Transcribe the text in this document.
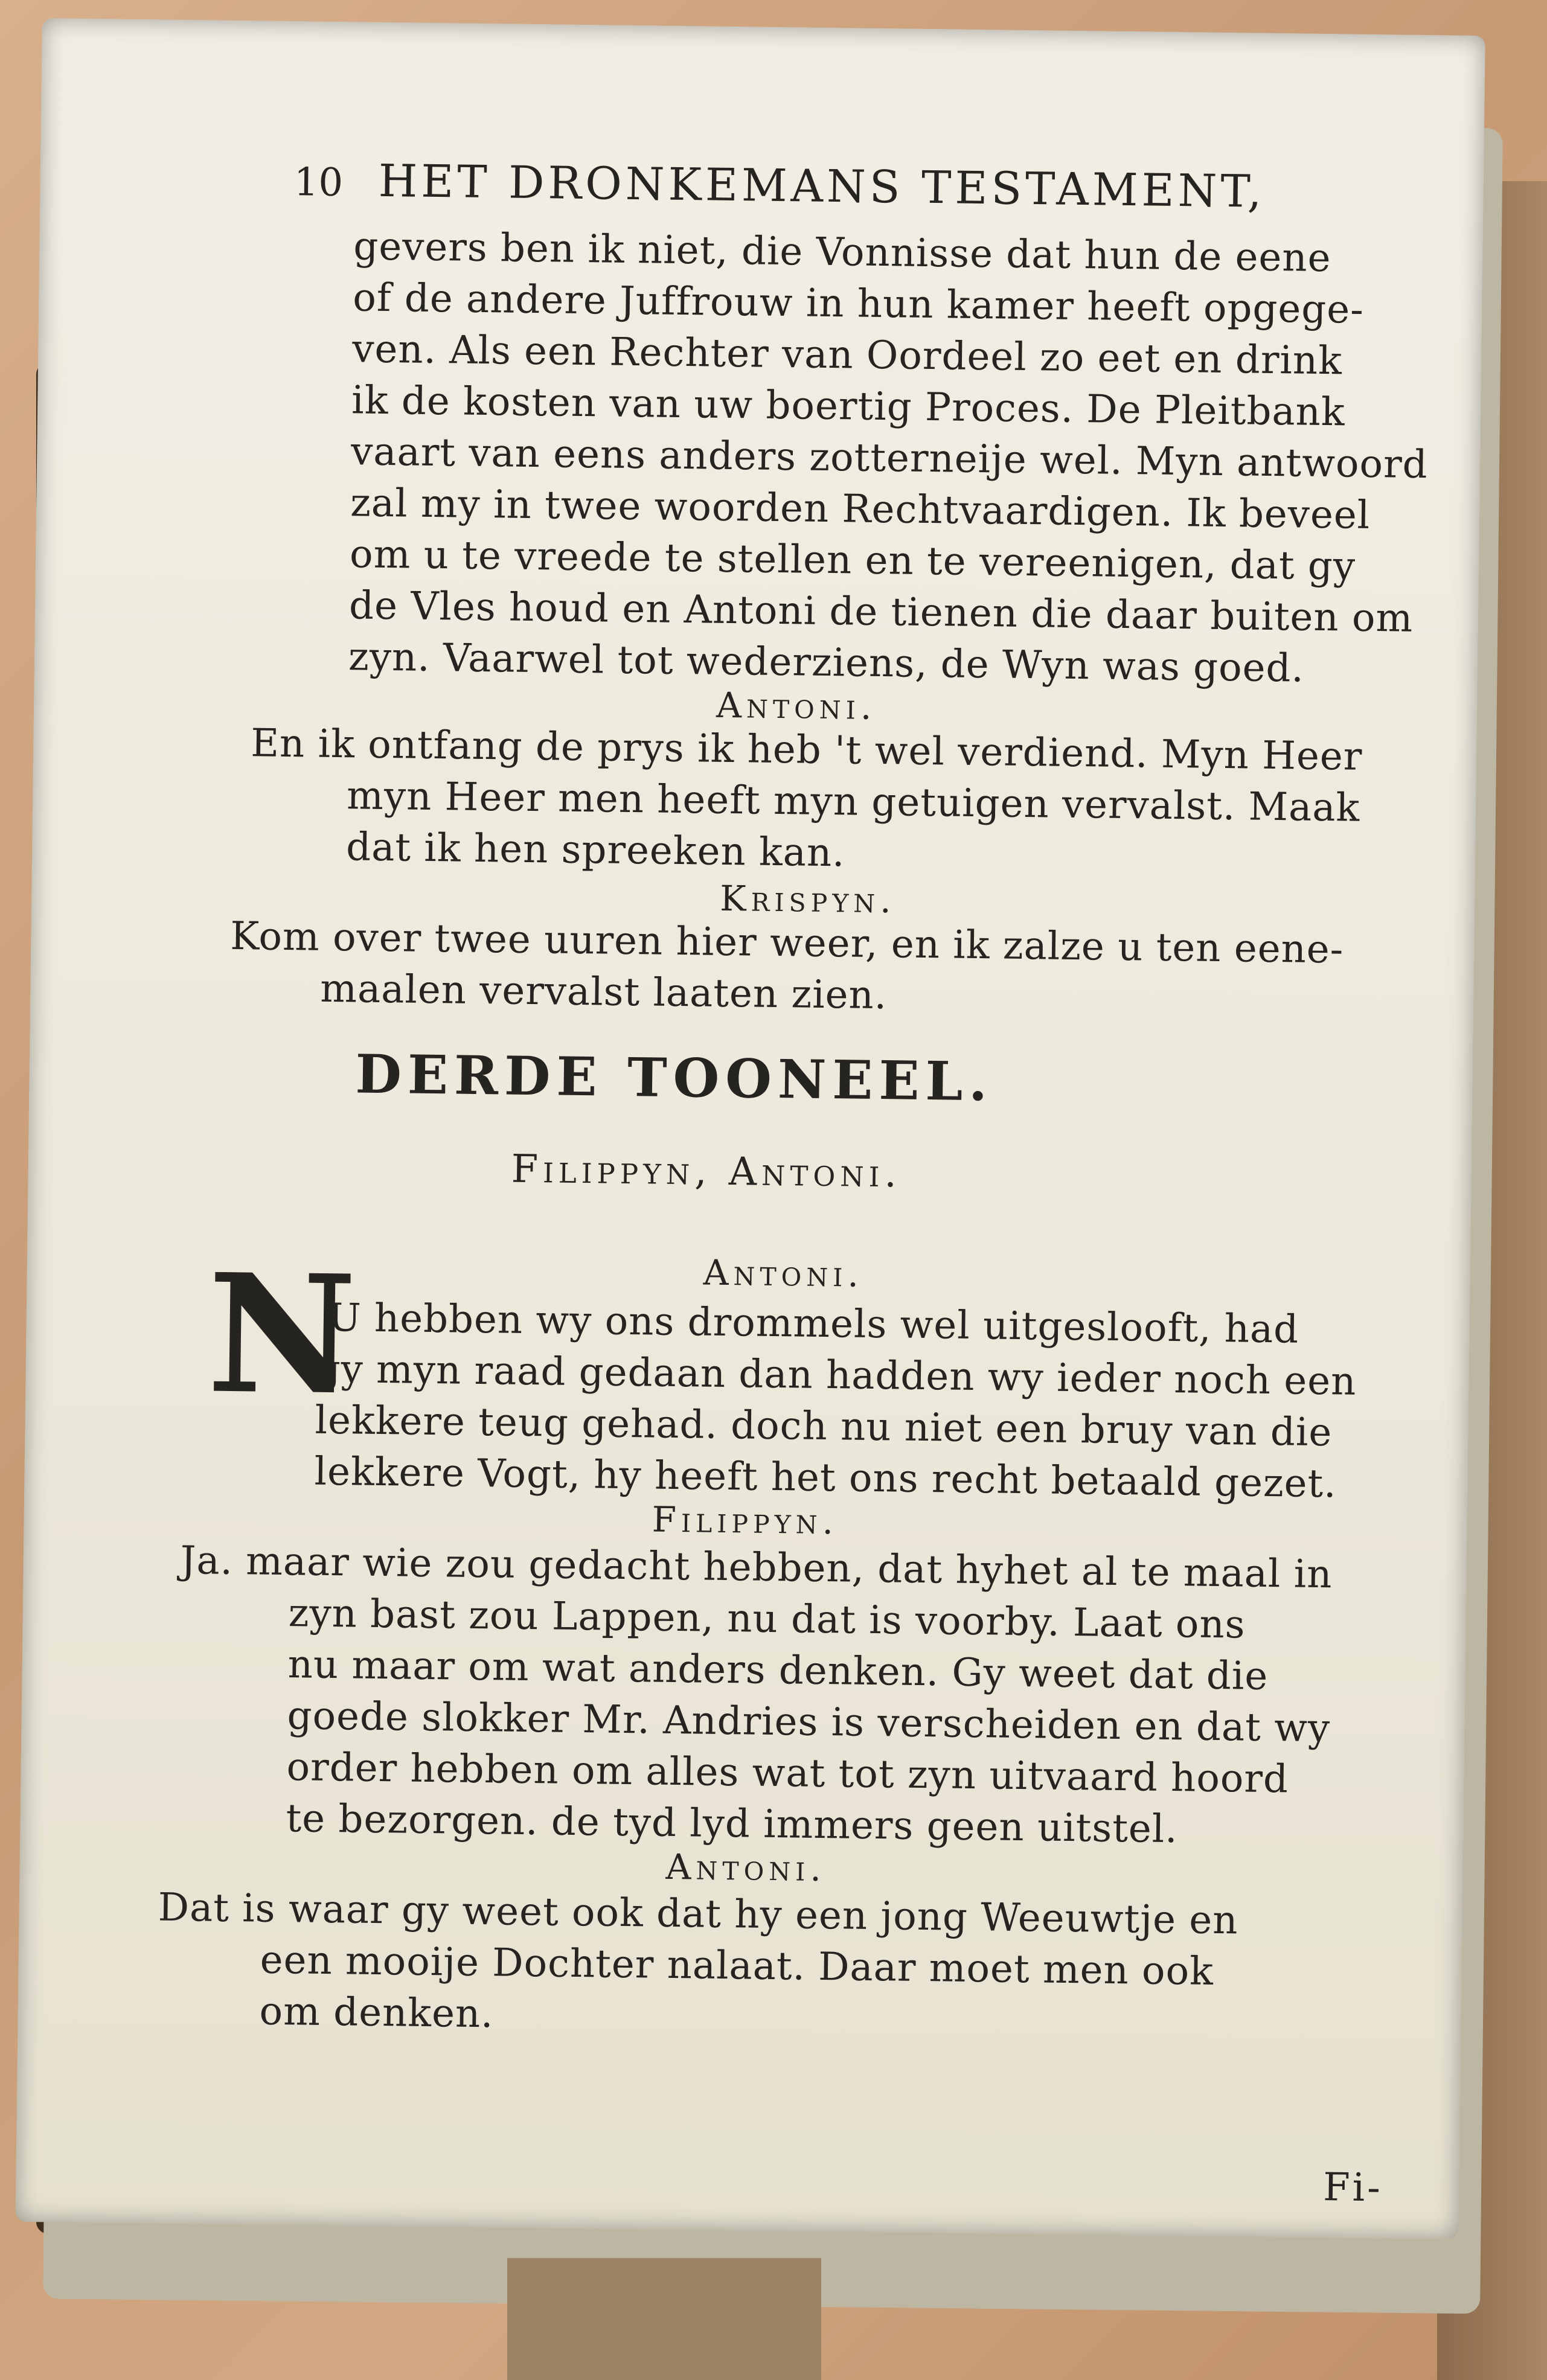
10 HET DRONKEMANS TESTAMENT,
gevers ben ik niet, die Vonnisse dat hun de eene
of de andere Juffrouw in hun kamer heeft opgege-
ven. Als een Rechter van Oordeel zo eet en drink
ik de kosten van uw boertig Proces. De Pleitbank
vaart van eens anders zotterneije wel. Myn antwoord
zal my in twee woorden Rechtvaardigen. Ik beveel
om u te vreede te stellen en te vereenigen, dat gy
de Vles houd en Antoni de tienen die daar buiten om
zyn. Vaarwel tot wederziens, de Wyn was goed.
Antoni.
En ik ontfang de prys ik heb 't wel verdiend. Myn Heer
myn Heer men heeft myn getuigen vervalst. Maak
dat ik hen spreeken kan.
Krispyn.
Kom over twee uuren hier weer, en ik zalze u ten eene-
maalen vervalst laaten zien.
DERDE TOONEEL.
Filippyn, Antoni.
N	Antoni.
U hebben wy ons drommels wel uitgeslooft, had
gy myn raad gedaan dan hadden wy ieder noch een
lekkere teug gehad. doch nu niet een bruy van die
lekkere Vogt, hy heeft het ons recht betaald gezet.
Filippyn.
Ja. maar wie zou gedacht hebben, dat hyhet al te maal in
zyn bast zou Lappen, nu dat is voorby. Laat ons
nu maar om wat anders denken. Gy weet dat die
goede slokker Mr. Andries is verscheiden en dat wy
order hebben om alles wat tot zyn uitvaard hoord
te bezorgen. de tyd lyd immers geen uitstel.
Antoni.
Dat is waar gy weet ook dat hy een jong Weeuwtje en
een mooije Dochter nalaat. Daar moet men ook
om denken.
Fi-
